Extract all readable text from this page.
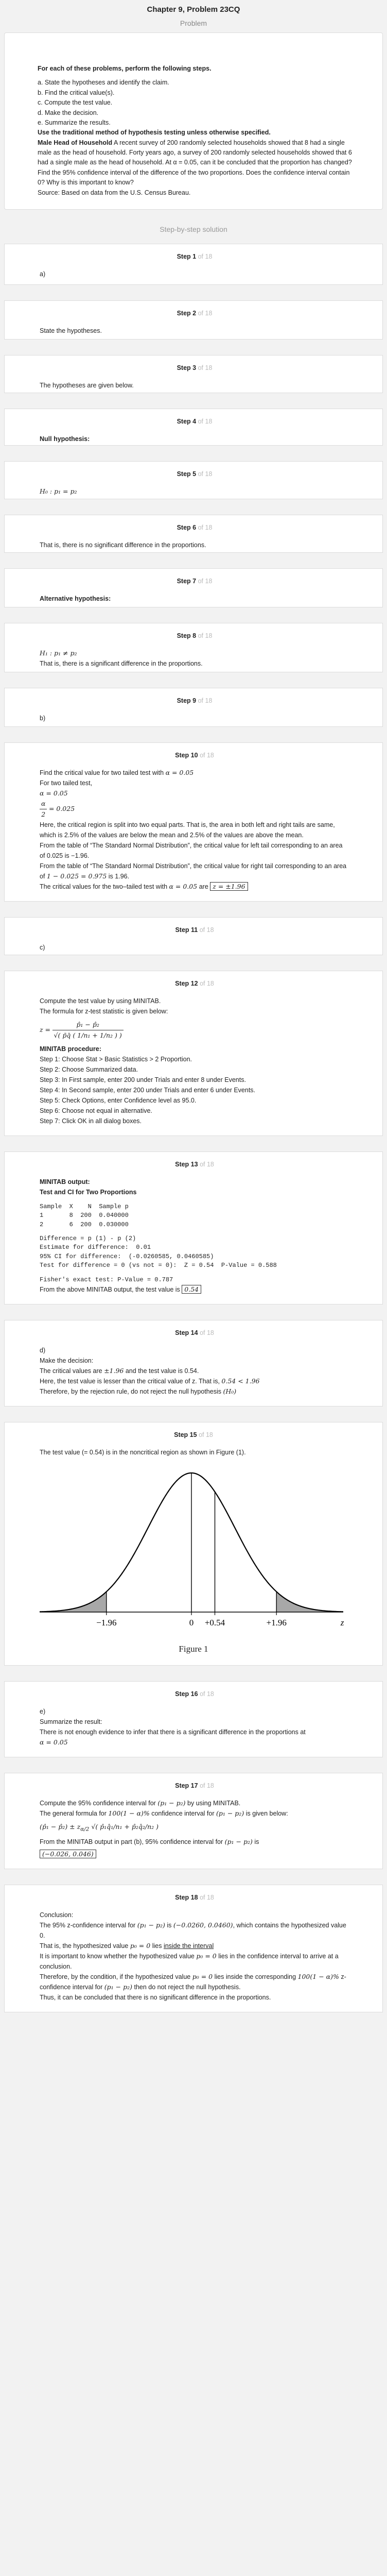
Chapter 9, Problem 23CQ
Problem

For each of these problems, perform the following steps.

a. State the hypotheses and identify the claim.

b. Find the critical value(s).

c. Compute the test value.

d. Make the decision.

e. Summarize the results.

Use the traditional method of hypothesis testing unless otherwise specified.

Male Head of Household A recent survey of 200 randomly selected households showed that 8 had a single male as the head of household. Forty years ago, a survey of 200 randomly selected households showed that 6 had a single male as the head of household. At α = 0.05, can it be concluded that the proportion has changed? Find the 95% confidence interval of the difference of the two proportions. Does the confidence interval contain 0? Why is this important to know?

Source: Based on data from the U.S. Census Bureau.

Step-by-step solution
Step 1 of 18
a)
Step 2 of 18
State the hypotheses.
Step 3 of 18
The hypotheses are given below.
Step 4 of 18
Null hypothesis:
Step 5 of 18
H₀ : p₁ = p₂
Step 6 of 18
That is, there is no significant difference in the proportions.
Step 7 of 18
Alternative hypothesis:
Step 8 of 18
H₁ : p₁ ≠ p₂
That is, there is a significant difference in the proportions.
Step 9 of 18
b)
Step 10 of 18
Find the critical value for two tailed test with α = 0.05
For two tailed test,
α = 0.05
$\frac{\alpha}{2} = 0.025$
Here, the critical region is split into two equal parts. That is, the area in both left and right tails are same, which is 2.5% of the values are below the mean and 2.5% of the values are above the mean.
From the table of “The Standard Normal Distribution”, the critical value for left tail corresponding to an area of 0.025 is −1.96.
From the table of “The Standard Normal Distribution”, the critical value for right tail corresponding to an area of 1 − 0.025 = 0.975 is 1.96.
The critical values for the two–tailed test with α = 0.05 are z = ±1.96
Step 11 of 18
c)
Step 12 of 18
Compute the test value by using MINITAB.
The formula for z-test statistic is given below:
$z = \frac{\text{p̂₁ − p̂₂}}{\text{√( p̄q̄ ( 1/n₁ + 1/n₂ ) )}}$
MINITAB procedure:
Step 1: Choose Stat > Basic Statistics > 2 Proportion.
Step 2: Choose Summarized data.
Step 3: In First sample, enter 200 under Trials and enter 8 under Events.
Step 4: In Second sample, enter 200 under Trials and enter 6 under Events.
Step 5: Check Options, enter Confidence level as 95.0.
Step 6: Choose not equal in alternative.
Step 7: Click OK in all dialog boxes.
Step 13 of 18
MINITAB output:
Test and CI for Two Proportions
Sample  X    N  Sample p
1       8  200  0.040000
2       6  200  0.030000
Difference = p (1) - p (2)
Estimate for difference:  0.01
95% CI for difference:  (-0.0260585, 0.0460585)
Test for difference = 0 (vs not = 0):  Z = 0.54  P-Value = 0.588
Fisher's exact test: P-Value = 0.787
From the above MINITAB output, the test value is 0.54
Step 14 of 18
d)
Make the decision:
The critical values are ±1.96 and the test value is 0.54.
Here, the test value is lesser than the critical value of z. That is, 0.54 < 1.96
Therefore, by the rejection rule, do not reject the null hypothesis (H₀)
Step 15 of 18
The test value (= 0.54) is in the noncritical region as shown in Figure (1).
−1.96	0 +0.54	+1.96	z
Figure 1
Step 16 of 18
e)
Summarize the result:
There is not enough evidence to infer that there is a significant difference in the proportions at
α = 0.05
Step 17 of 18
Compute the 95% confidence interval for (p₁ − p₂) by using MINITAB.
The general formula for 100(1 − α)% confidence interval for (p₁ − p₂) is given below:
(p̂₁ − p̂₂) ± $z_{\alpha/2}$ √( p̂₁q̂₁/n₁ + p̂₂q̂₂/n₂ )
From the MINITAB output in part (b), 95% confidence interval for (p₁ − p₂) is
(−0.026, 0.046)
Step 18 of 18
Conclusion:
The 95% z-confidence interval for (p₁ − p₂) is (−0.0260, 0.0460), which contains the hypothesized value 0.
That is, the hypothesized value p₀ = 0 lies inside the interval
It is important to know whether the hypothesized value p₀ = 0 lies in the confidence interval to arrive at a conclusion.
Therefore, by the condition, if the hypothesized value p₀ = 0 lies inside the corresponding 100(1 − α)% z-confidence interval for (p₁ − p₂) then do not reject the null hypothesis.
Thus, it can be concluded that there is no significant difference in the proportions.
